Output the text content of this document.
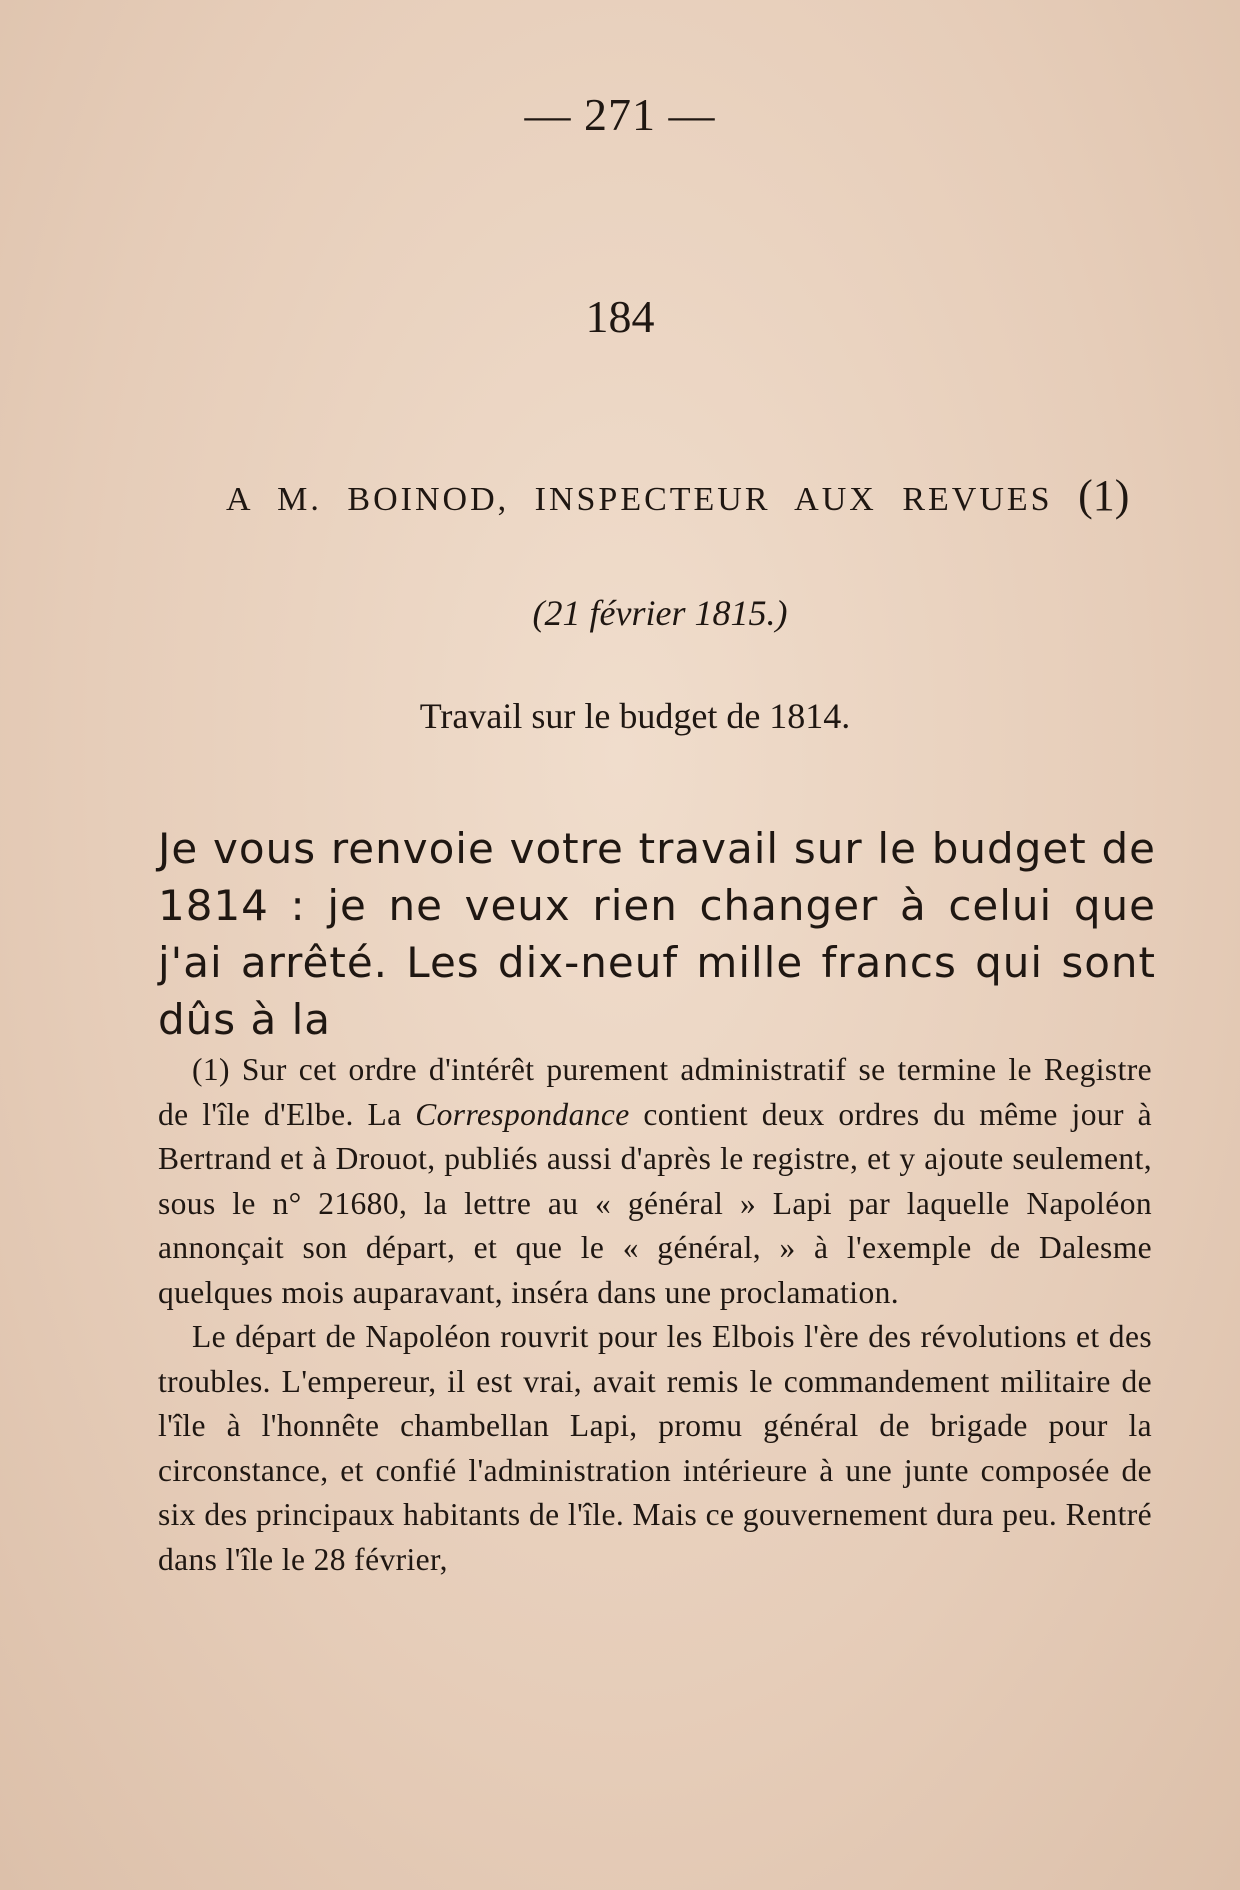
— 271 —
184
A M. BOINOD, INSPECTEUR AUX REVUES (1)
(21 février 1815.)
Travail sur le budget de 1814.
Je vous renvoie votre travail sur le budget de 1814 : je ne veux rien changer à celui que j'ai arrêté. Les dix-neuf mille francs qui sont dûs à la

(1) Sur cet ordre d'intérêt purement administratif se termine le Registre de l'île d'Elbe. La Correspondance contient deux ordres du même jour à Bertrand et à Drouot, publiés aussi d'après le registre, et y ajoute seulement, sous le n° 21680, la lettre au « général » Lapi par laquelle Napoléon annonçait son départ, et que le « général, » à l'exemple de Dalesme quelques mois auparavant, inséra dans une proclamation.

Le départ de Napoléon rouvrit pour les Elbois l'ère des révolutions et des troubles. L'empereur, il est vrai, avait remis le commandement militaire de l'île à l'honnête chambellan Lapi, promu général de brigade pour la circonstance, et confié l'administration intérieure à une junte composée de six des principaux habitants de l'île. Mais ce gouvernement dura peu. Rentré dans l'île le 28 février,
